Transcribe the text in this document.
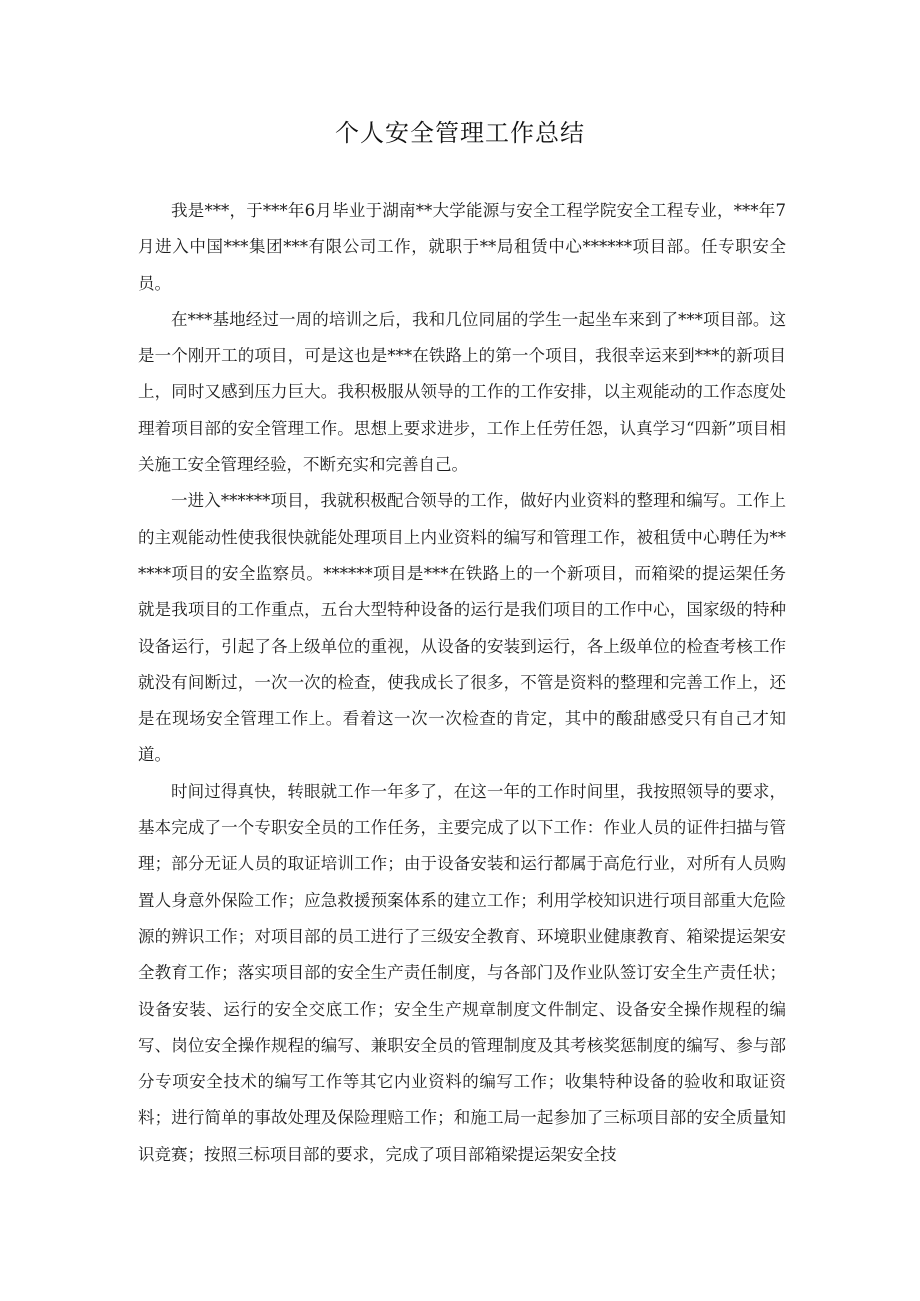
个人安全管理工作总结

我是***，于***年6月毕业于湖南**大学能源与安全工程学院安全工程专业，***年7月进入中国***集团***有限公司工作，就职于**局租赁中心******项目部。任专职安全员。

在***基地经过一周的培训之后，我和几位同届的学生一起坐车来到了***项目部。这是一个刚开工的项目，可是这也是***在铁路上的第一个项目，我很幸运来到***的新项目上，同时又感到压力巨大。我积极服从领导的工作的工作安排，以主观能动的工作态度处理着项目部的安全管理工作。思想上要求进步，工作上任劳任怨，认真学习“四新”项目相关施工安全管理经验，不断充实和完善自己。

一进入******项目，我就积极配合领导的工作，做好内业资料的整理和编写。工作上的主观能动性使我很快就能处理项目上内业资料的编写和管理工作，被租赁中心聘任为******项目的安全监察员。******项目是***在铁路上的一个新项目，而箱梁的提运架任务就是我项目的工作重点，五台大型特种设备的运行是我们项目的工作中心，国家级的特种设备运行，引起了各上级单位的重视，从设备的安装到运行，各上级单位的检查考核工作就没有间断过，一次一次的检查，使我成长了很多，不管是资料的整理和完善工作上，还是在现场安全管理工作上。看着这一次一次检查的肯定，其中的酸甜感受只有自己才知道。

时间过得真快，转眼就工作一年多了，在这一年的工作时间里，我按照领导的要求，基本完成了一个专职安全员的工作任务，主要完成了以下工作：作业人员的证件扫描与管理；部分无证人员的取证培训工作；由于设备安装和运行都属于高危行业，对所有人员购置人身意外保险工作；应急救援预案体系的建立工作；利用学校知识进行项目部重大危险源的辨识工作；对项目部的员工进行了三级安全教育、环境职业健康教育、箱梁提运架安全教育工作；落实项目部的安全生产责任制度，与各部门及作业队签订安全生产责任状；设备安装、运行的安全交底工作；安全生产规章制度文件制定、设备安全操作规程的编写、岗位安全操作规程的编写、兼职安全员的管理制度及其考核奖惩制度的编写、参与部分专项安全技术的编写工作等其它内业资料的编写工作；收集特种设备的验收和取证资料；进行简单的事故处理及保险理赔工作；和施工局一起参加了三标项目部的安全质量知识竞赛；按照三标项目部的要求，完成了项目部箱梁提运架安全技
